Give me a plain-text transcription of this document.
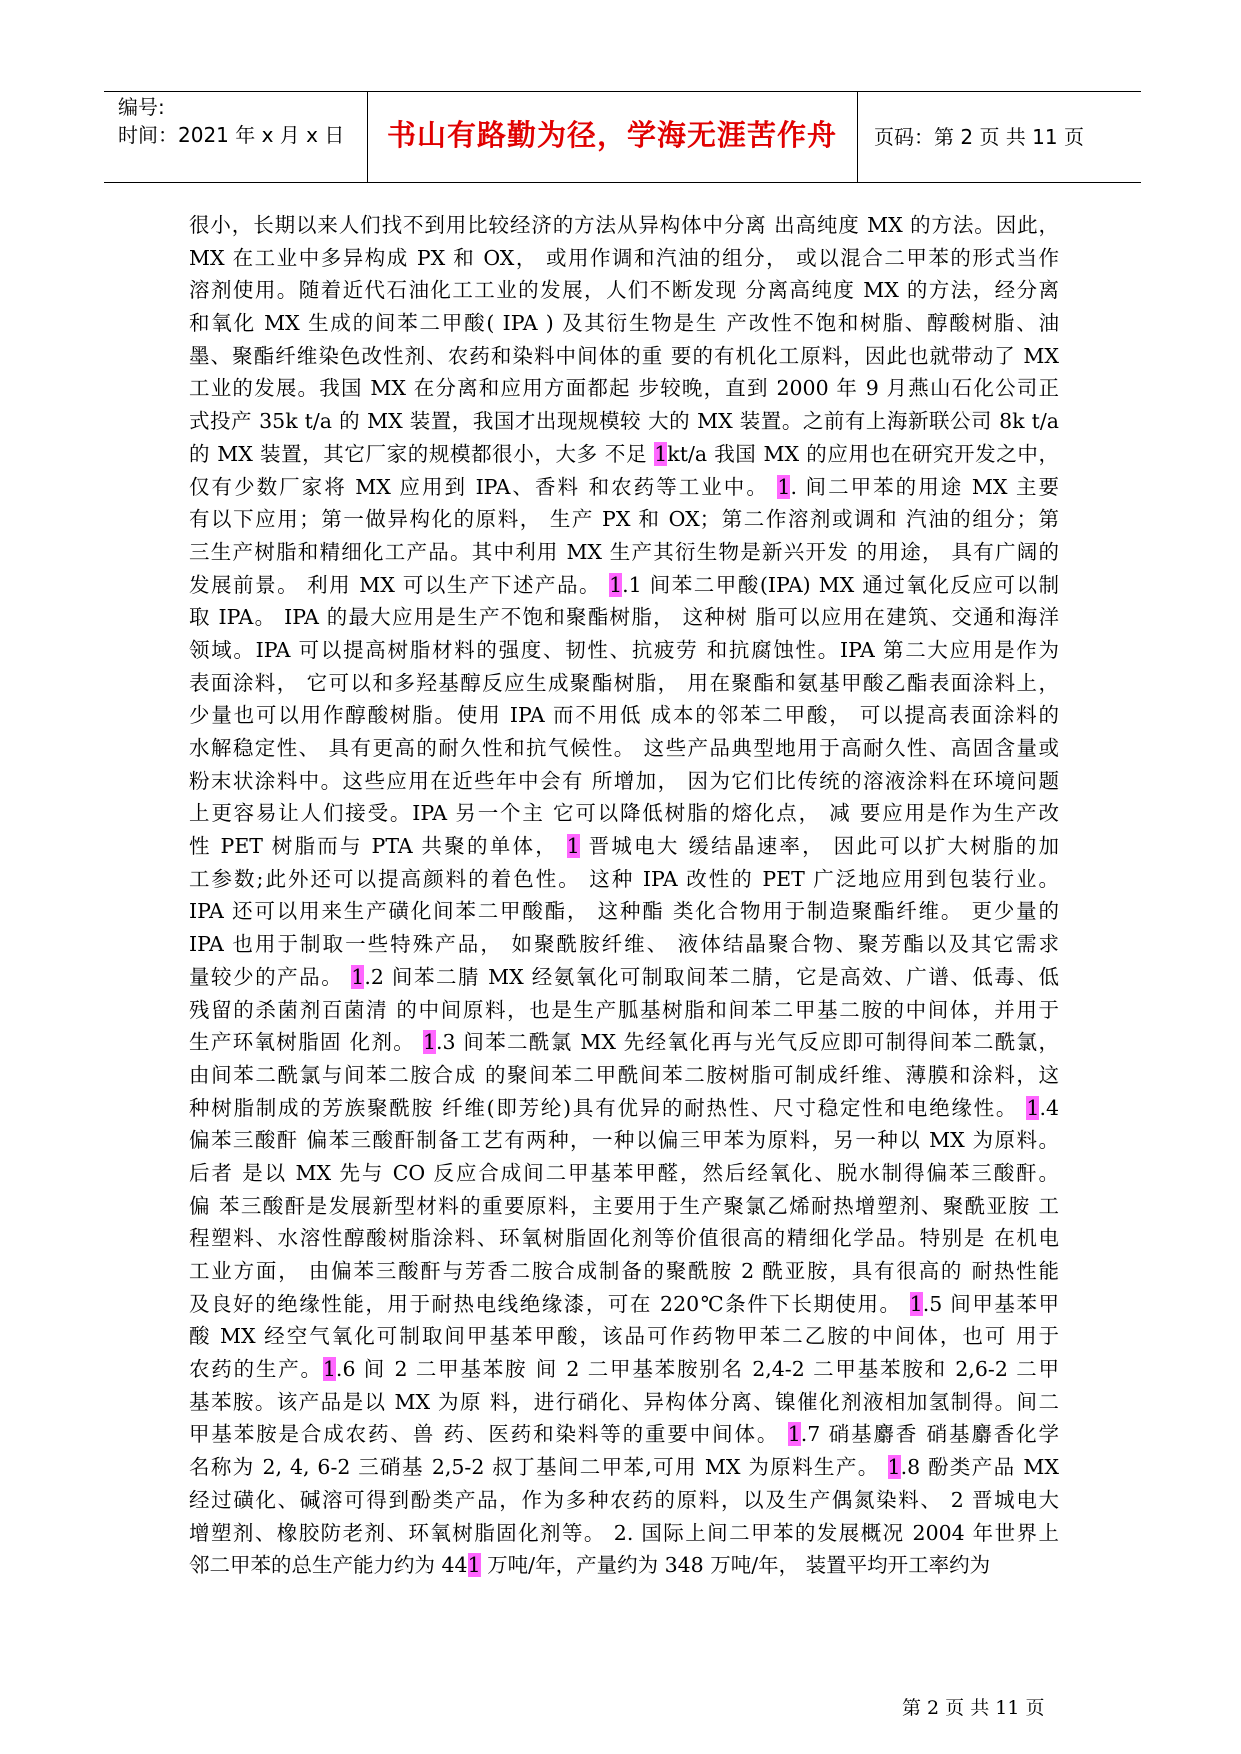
编号:
时间：2021 年 x 月 x 日	书山有路勤为径，学海无涯苦作舟	页码：第 2 页 共 11 页
很小，长期以来人们找不到用比较经济的方法从异构体中分离 出高纯度 MX 的方法。因此，
MX 在工业中多异构成 PX 和 OX， 或用作调和汽油的组分， 或以混合二甲苯的形式当作
溶剂使用。随着近代石油化工工业的发展，人们不断发现 分离高纯度 MX 的方法，经分离
和氧化 MX 生成的间苯二甲酸( IPA ) 及其衍生物是生 产改性不饱和树脂、醇酸树脂、油
墨、聚酯纤维染色改性剂、农药和染料中间体的重 要的有机化工原料，因此也就带动了 MX
工业的发展。我国 MX 在分离和应用方面都起 步较晚，直到 2000 年 9 月燕山石化公司正
式投产 35k t/a 的 MX 装置，我国才出现规模较 大的 MX 装置。之前有上海新联公司 8k t/a
的 MX 装置，其它厂家的规模都很小，大多 不足 1kt/a 我国 MX 的应用也在研究开发之中，
仅有少数厂家将 MX 应用到 IPA、香料 和农药等工业中。 1. 间二甲苯的用途 MX 主要
有以下应用；第一做异构化的原料， 生产 PX 和 OX；第二作溶剂或调和 汽油的组分；第
三生产树脂和精细化工产品。其中利用 MX 生产其衍生物是新兴开发 的用途， 具有广阔的
发展前景。 利用 MX 可以生产下述产品。 1.1 间苯二甲酸(IPA) MX 通过氧化反应可以制
取 IPA。 IPA 的最大应用是生产不饱和聚酯树脂， 这种树 脂可以应用在建筑、交通和海洋
领域。IPA 可以提高树脂材料的强度、韧性、抗疲劳 和抗腐蚀性。IPA 第二大应用是作为
表面涂料， 它可以和多羟基醇反应生成聚酯树脂， 用在聚酯和氨基甲酸乙酯表面涂料上，
少量也可以用作醇酸树脂。使用 IPA 而不用低 成本的邻苯二甲酸， 可以提高表面涂料的
水解稳定性、 具有更高的耐久性和抗气候性。 这些产品典型地用于高耐久性、高固含量或
粉末状涂料中。这些应用在近些年中会有 所增加， 因为它们比传统的溶液涂料在环境问题
上更容易让人们接受。IPA 另一个主 它可以降低树脂的熔化点， 减 要应用是作为生产改
性 PET 树脂而与 PTA 共聚的单体， 1 晋城电大 缓结晶速率， 因此可以扩大树脂的加
工参数;此外还可以提高颜料的着色性。 这种 IPA 改性的 PET 广泛地应用到包装行业。
IPA 还可以用来生产磺化间苯二甲酸酯， 这种酯 类化合物用于制造聚酯纤维。 更少量的
IPA 也用于制取一些特殊产品， 如聚酰胺纤维、 液体结晶聚合物、聚芳酯以及其它需求
量较少的产品。 1.2 间苯二腈 MX 经氨氧化可制取间苯二腈，它是高效、广谱、低毒、低
残留的杀菌剂百菌清 的中间原料，也是生产胍基树脂和间苯二甲基二胺的中间体，并用于
生产环氧树脂固 化剂。 1.3 间苯二酰氯 MX 先经氧化再与光气反应即可制得间苯二酰氯，
由间苯二酰氯与间苯二胺合成 的聚间苯二甲酰间苯二胺树脂可制成纤维、薄膜和涂料，这
种树脂制成的芳族聚酰胺 纤维(即芳纶)具有优异的耐热性、尺寸稳定性和电绝缘性。 1.4
偏苯三酸酐 偏苯三酸酐制备工艺有两种，一种以偏三甲苯为原料，另一种以 MX 为原料。
后者 是以 MX 先与 CO 反应合成间二甲基苯甲醛，然后经氧化、脱水制得偏苯三酸酐。
偏 苯三酸酐是发展新型材料的重要原料，主要用于生产聚氯乙烯耐热增塑剂、聚酰亚胺 工
程塑料、水溶性醇酸树脂涂料、环氧树脂固化剂等价值很高的精细化学品。特别是 在机电
工业方面， 由偏苯三酸酐与芳香二胺合成制备的聚酰胺 2 酰亚胺，具有很高的 耐热性能
及良好的绝缘性能，用于耐热电线绝缘漆，可在 220℃条件下长期使用。 1.5 间甲基苯甲
酸 MX 经空气氧化可制取间甲基苯甲酸，该品可作药物甲苯二乙胺的中间体，也可 用于
农药的生产。1.6 间 2 二甲基苯胺 间 2 二甲基苯胺别名 2,4-2 二甲基苯胺和 2,6-2 二甲
基苯胺。该产品是以 MX 为原 料，进行硝化、异构体分离、镍催化剂液相加氢制得。间二
甲基苯胺是合成农药、兽 药、医药和染料等的重要中间体。 1.7 硝基麝香 硝基麝香化学
名称为 2, 4, 6-2 三硝基 2,5-2 叔丁基间二甲苯,可用 MX 为原料生产。 1.8 酚类产品 MX
经过磺化、碱溶可得到酚类产品，作为多种农药的原料，以及生产偶氮染料、 2 晋城电大
增塑剂、橡胶防老剂、环氧树脂固化剂等。 2. 国际上间二甲苯的发展概况 2004 年世界上
邻二甲苯的总生产能力约为 441 万吨/年，产量约为 348 万吨/年， 装置平均开工率约为
第 2 页 共 11 页
